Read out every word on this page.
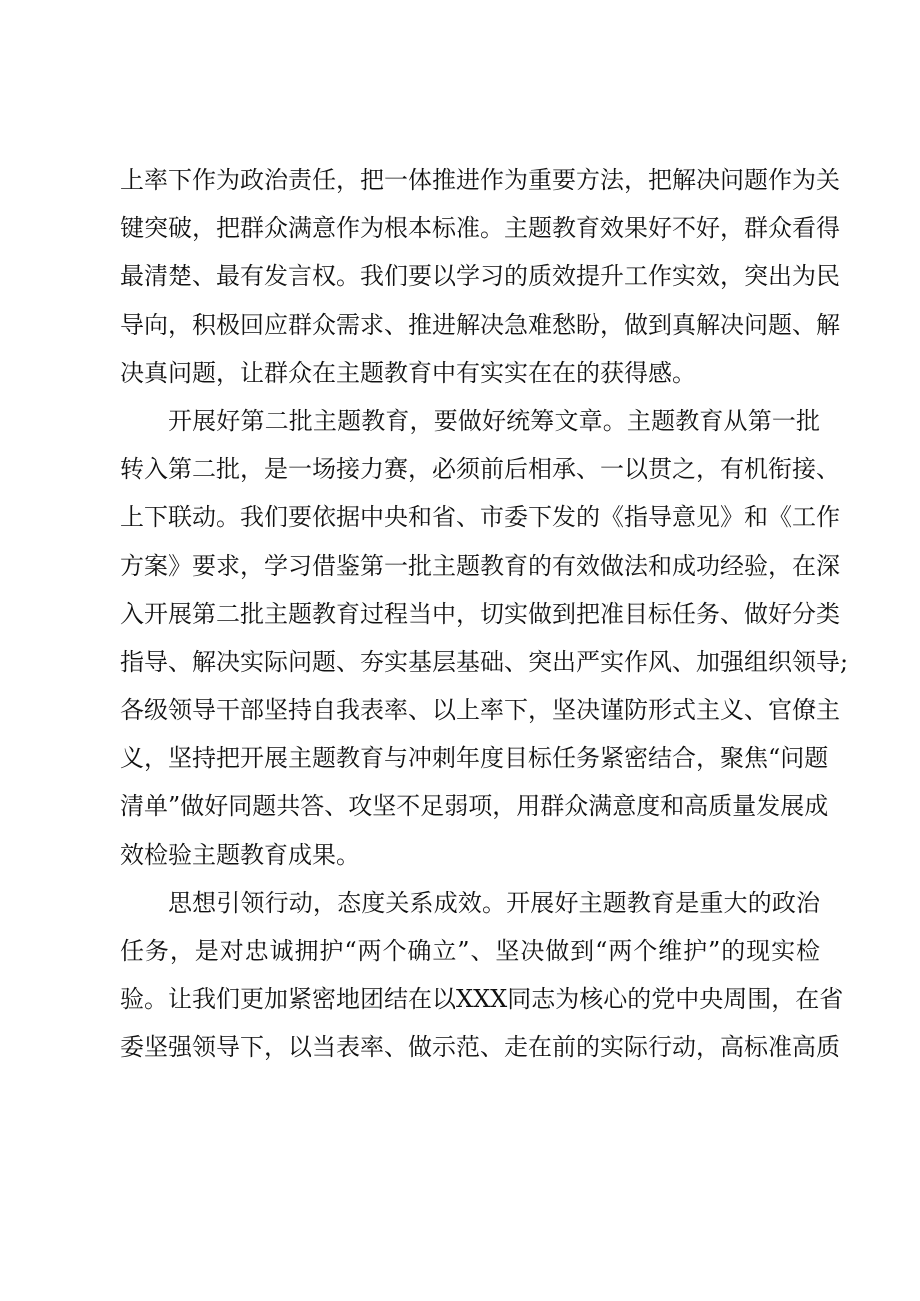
上率下作为政治责任，把一体推进作为重要方法，把解决问题作为关
键突破，把群众满意作为根本标准。主题教育效果好不好，群众看得
最清楚、最有发言权。我们要以学习的质效提升工作实效，突出为民
导向，积极回应群众需求、推进解决急难愁盼，做到真解决问题、解
决真问题，让群众在主题教育中有实实在在的获得感。
开展好第二批主题教育，要做好统筹文章。主题教育从第一批
转入第二批，是一场接力赛，必须前后相承、一以贯之，有机衔接、
上下联动。我们要依据中央和省、市委下发的《指导意见》和《工作
方案》要求，学习借鉴第一批主题教育的有效做法和成功经验，在深
入开展第二批主题教育过程当中，切实做到把准目标任务、做好分类
指导、解决实际问题、夯实基层基础、突出严实作风、加强组织领导;
各级领导干部坚持自我表率、以上率下，坚决谨防形式主义、官僚主
义，坚持把开展主题教育与冲刺年度目标任务紧密结合，聚焦“问题
清单”做好同题共答、攻坚不足弱项，用群众满意度和高质量发展成
效检验主题教育成果。
思想引领行动，态度关系成效。开展好主题教育是重大的政治
任务，是对忠诚拥护“两个确立”、坚决做到“两个维护”的现实检
验。让我们更加紧密地团结在以XXX同志为核心的党中央周围，在省
委坚强领导下，以当表率、做示范、走在前的实际行动，高标准高质
